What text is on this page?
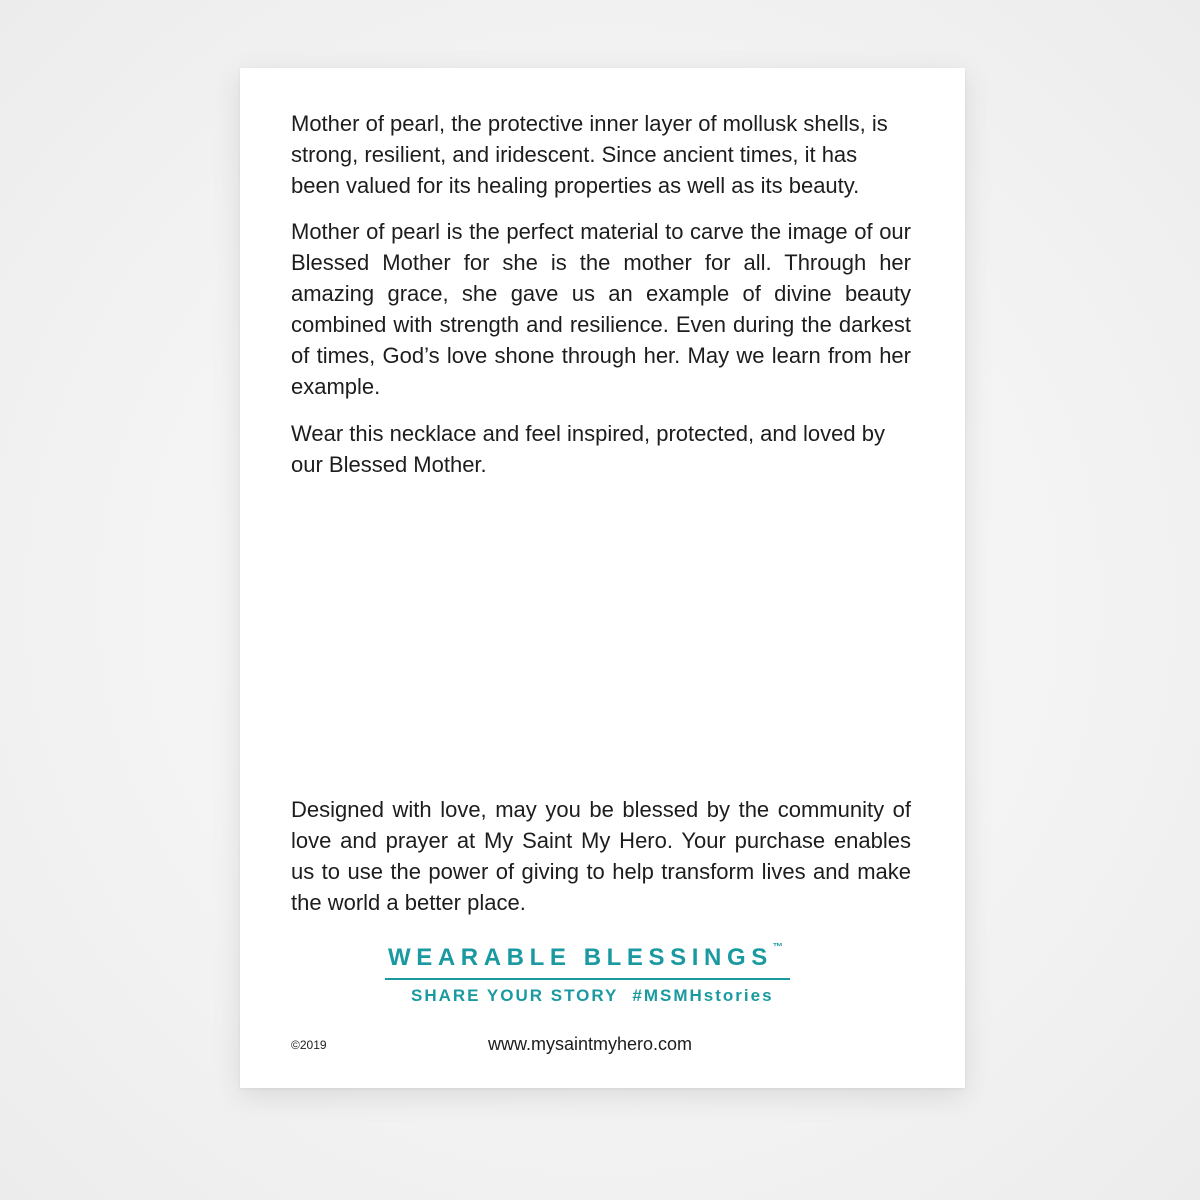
Mother of pearl, the protective inner layer of mollusk shells, is strong, resilient, and iridescent. Since ancient times, it has been valued for its healing properties as well as its beauty.

Mother of pearl is the perfect material to carve the image of our Blessed Mother for she is the mother for all. Through her amazing grace, she gave us an example of divine beauty combined with strength and resilience. Even during the darkest of times, God’s love shone through her. May we learn from her example.

Wear this necklace and feel inspired, protected, and loved by our Blessed Mother.

Designed with love, may you be blessed by the community of love and prayer at My Saint My Hero. Your purchase enables us to use the power of giving to help transform lives and make the world a better place.

WEARABLE BLESSINGS™
SHARE YOUR STORY #MSMHstories
©2019	www.mysaintmyhero.com
